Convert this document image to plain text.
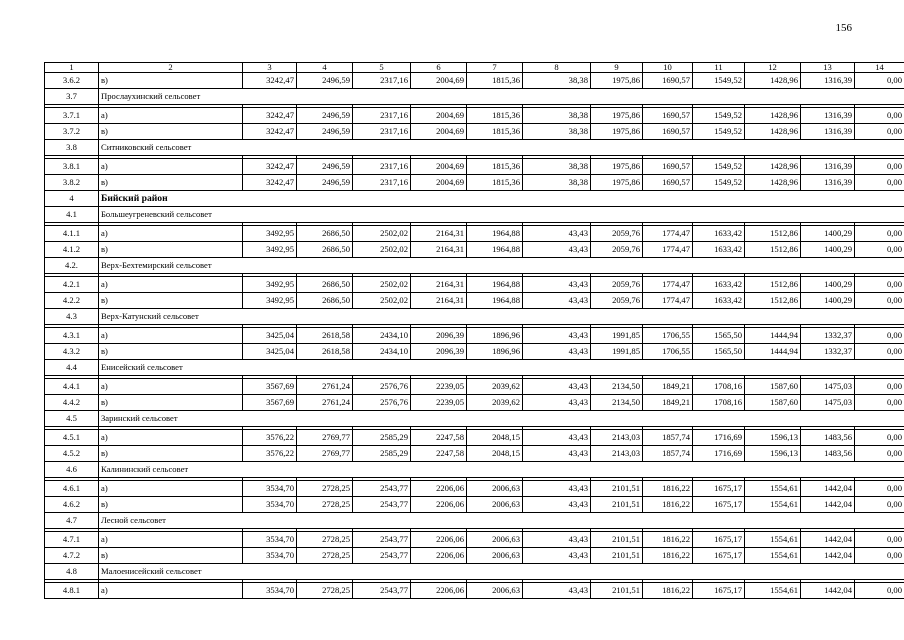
156
1	2	3	4	5	6	7	8	9	10	11	12	13	14
3.6.2	в)	3242,47	2496,59	2317,16	2004,69	1815,36	38,38	1975,86	1690,57	1549,52	1428,96	1316,39	0,00
3.7	Прослаухинский сельсовет												

3.7.1	а)	3242,47	2496,59	2317,16	2004,69	1815,36	38,38	1975,86	1690,57	1549,52	1428,96	1316,39	0,00
3.7.2	в)	3242,47	2496,59	2317,16	2004,69	1815,36	38,38	1975,86	1690,57	1549,52	1428,96	1316,39	0,00
3.8	Ситниковский сельсовет												

3.8.1	а)	3242,47	2496,59	2317,16	2004,69	1815,36	38,38	1975,86	1690,57	1549,52	1428,96	1316,39	0,00
3.8.2	в)	3242,47	2496,59	2317,16	2004,69	1815,36	38,38	1975,86	1690,57	1549,52	1428,96	1316,39	0,00
4	Бийский район												
4.1	Большеугреневский сельсовет												

4.1.1	а)	3492,95	2686,50	2502,02	2164,31	1964,88	43,43	2059,76	1774,47	1633,42	1512,86	1400,29	0,00
4.1.2	в)	3492,95	2686,50	2502,02	2164,31	1964,88	43,43	2059,76	1774,47	1633,42	1512,86	1400,29	0,00
4.2.	Верх-Бехтемирский сельсовет												

4.2.1	а)	3492,95	2686,50	2502,02	2164,31	1964,88	43,43	2059,76	1774,47	1633,42	1512,86	1400,29	0,00
4.2.2	в)	3492,95	2686,50	2502,02	2164,31	1964,88	43,43	2059,76	1774,47	1633,42	1512,86	1400,29	0,00
4.3	Верх-Катунский сельсовет												

4.3.1	а)	3425,04	2618,58	2434,10	2096,39	1896,96	43,43	1991,85	1706,55	1565,50	1444,94	1332,37	0,00
4.3.2	в)	3425,04	2618,58	2434,10	2096,39	1896,96	43,43	1991,85	1706,55	1565,50	1444,94	1332,37	0,00
4.4	Енисейский сельсовет												

4.4.1	а)	3567,69	2761,24	2576,76	2239,05	2039,62	43,43	2134,50	1849,21	1708,16	1587,60	1475,03	0,00
4.4.2	в)	3567,69	2761,24	2576,76	2239,05	2039,62	43,43	2134,50	1849,21	1708,16	1587,60	1475,03	0,00
4.5	Заринский сельсовет												

4.5.1	а)	3576,22	2769,77	2585,29	2247,58	2048,15	43,43	2143,03	1857,74	1716,69	1596,13	1483,56	0,00
4.5.2	в)	3576,22	2769,77	2585,29	2247,58	2048,15	43,43	2143,03	1857,74	1716,69	1596,13	1483,56	0,00
4.6	Калининский сельсовет												

4.6.1	а)	3534,70	2728,25	2543,77	2206,06	2006,63	43,43	2101,51	1816,22	1675,17	1554,61	1442,04	0,00
4.6.2	в)	3534,70	2728,25	2543,77	2206,06	2006,63	43,43	2101,51	1816,22	1675,17	1554,61	1442,04	0,00
4.7	Лесной сельсовет												

4.7.1	а)	3534,70	2728,25	2543,77	2206,06	2006,63	43,43	2101,51	1816,22	1675,17	1554,61	1442,04	0,00
4.7.2	в)	3534,70	2728,25	2543,77	2206,06	2006,63	43,43	2101,51	1816,22	1675,17	1554,61	1442,04	0,00
4.8	Малоенисейский сельсовет												

4.8.1	а)	3534,70	2728,25	2543,77	2206,06	2006,63	43,43	2101,51	1816,22	1675,17	1554,61	1442,04	0,00
